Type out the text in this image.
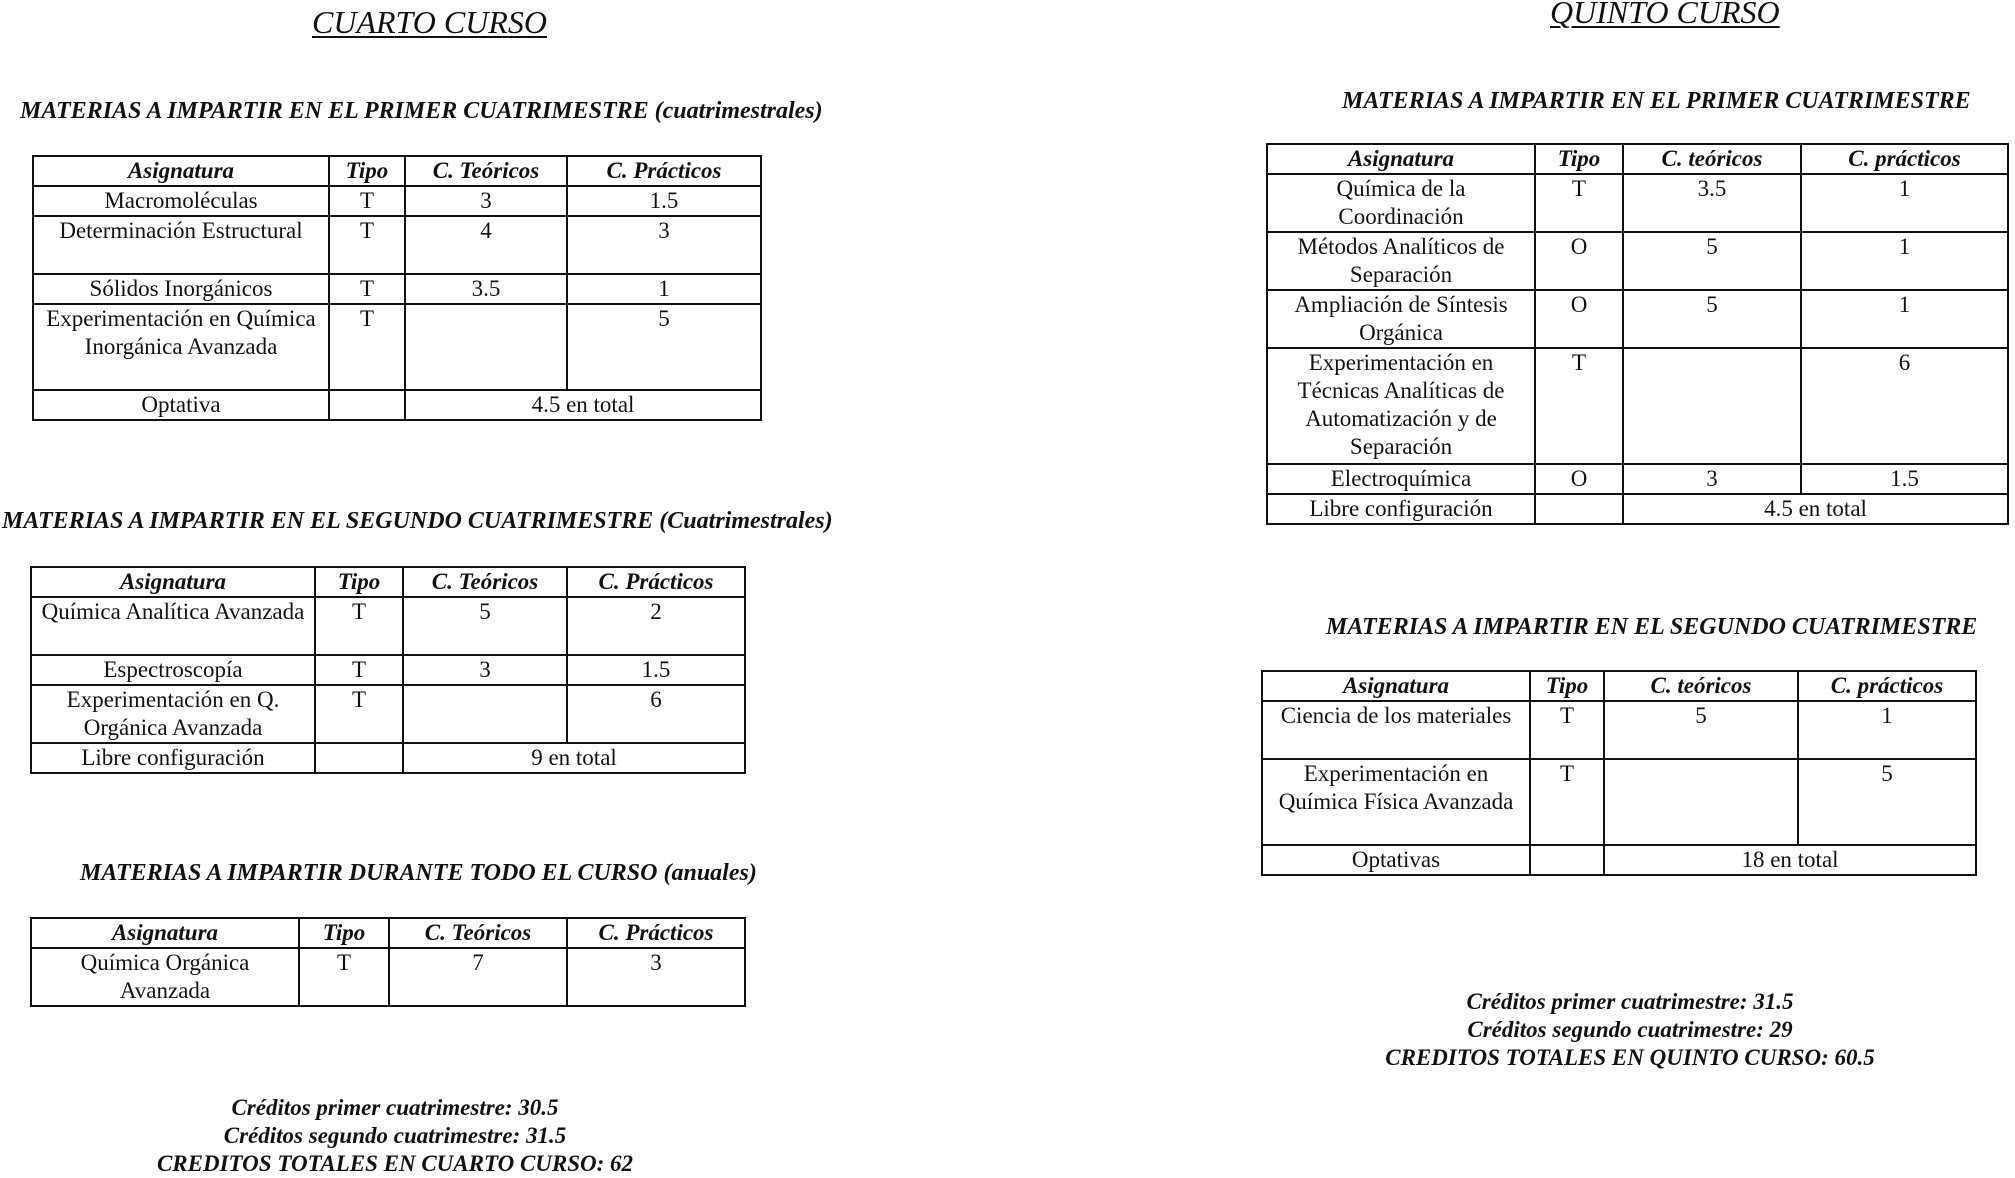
CUARTO CURSO
MATERIAS A IMPARTIR EN EL PRIMER CUATRIMESTRE (cuatrimestrales)
Asignatura	Tipo	C. Teóricos	C. Prácticos
Macromoléculas	T	3	1.5
Determinación Estructural	T	4	3
Sólidos Inorgánicos	T	3.5	1
Experimentación en Química Inorgánica Avanzada	T		5
Optativa		4.5 en total	
MATERIAS A IMPARTIR EN EL SEGUNDO CUATRIMESTRE (Cuatrimestrales)
Asignatura	Tipo	C. Teóricos	C. Prácticos
Química Analítica Avanzada	T	5	2
Espectroscopía	T	3	1.5
Experimentación en Q. Orgánica Avanzada	T		6
Libre configuración		9 en total	
MATERIAS A IMPARTIR DURANTE TODO EL CURSO (anuales)
Asignatura	Tipo	C. Teóricos	C. Prácticos
Química Orgánica Avanzada	T	7	3
Créditos primer cuatrimestre: 30.5
Créditos segundo cuatrimestre: 31.5
CREDITOS TOTALES EN CUARTO CURSO: 62
QUINTO CURSO
MATERIAS A IMPARTIR EN EL PRIMER CUATRIMESTRE
Asignatura	Tipo	C. teóricos	C. prácticos
Química de la Coordinación	T	3.5	1
Métodos Analíticos de Separación	O	5	1
Ampliación de Síntesis Orgánica	O	5	1
Experimentación en Técnicas Analíticas de Automatización y de Separación	T		6
Electroquímica	O	3	1.5
Libre configuración		4.5 en total	
MATERIAS A IMPARTIR EN EL SEGUNDO CUATRIMESTRE
Asignatura	Tipo	C. teóricos	C. prácticos
Ciencia de los materiales	T	5	1
Experimentación en Química Física Avanzada	T		5
Optativas		18 en total	
Créditos primer cuatrimestre: 31.5
Créditos segundo cuatrimestre: 29
CREDITOS TOTALES EN QUINTO CURSO: 60.5
